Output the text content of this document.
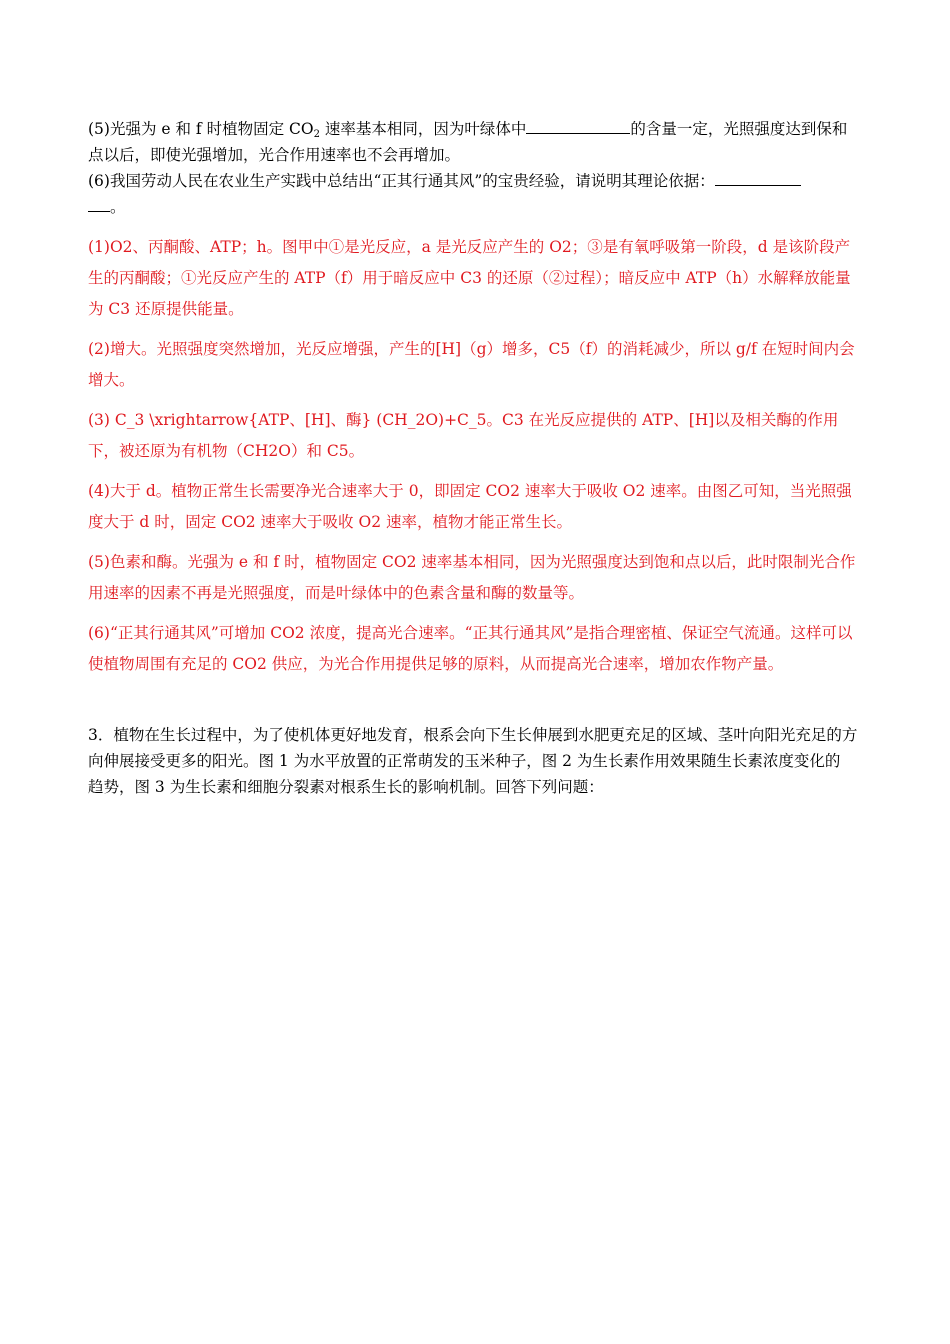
(5)光强为 e 和 f 时植物固定 $CO_2$ 速率基本相同，因为叶绿体中	的含量一定，光照强度达到保和点以后，即使光强增加，光合作用速率也不会再增加。

(6)我国劳动人民在农业生产实践中总结出“正其行通其风”的宝贵经验，请说明其理论依据：
。

(1)O2、丙酮酸、ATP；h。图甲中①是光反应，a 是光反应产生的 O2；③是有氧呼吸第一阶段，d 是该阶段产生的丙酮酸；①光反应产生的 ATP（f）用于暗反应中 C3 的还原（②过程）；暗反应中 ATP（h）水解释放能量为 C3 还原提供能量。

(2)增大。光照强度突然增加，光反应增强，产生的[H]（g）增多，C5（f）的消耗减少，所以 g/f 在短时间内会增大。

(3) C_3 \xrightarrow{ATP、[H]、酶} (CH_2O)+C_5。C3 在光反应提供的 ATP、[H]以及相关酶的作用下，被还原为有机物（CH2O）和 C5。

(4)大于 d。植物正常生长需要净光合速率大于 0，即固定 CO2 速率大于吸收 O2 速率。由图乙可知，当光照强度大于 d 时，固定 CO2 速率大于吸收 O2 速率，植物才能正常生长。

(5)色素和酶。光强为 e 和 f 时，植物固定 CO2 速率基本相同，因为光照强度达到饱和点以后，此时限制光合作用速率的因素不再是光照强度，而是叶绿体中的色素含量和酶的数量等。

(6)“正其行通其风”可增加 CO2 浓度，提高光合速率。“正其行通其风”是指合理密植、保证空气流通。这样可以使植物周围有充足的 CO2 供应，为光合作用提供足够的原料，从而提高光合速率，增加农作物产量。

3．植物在生长过程中，为了使机体更好地发育，根系会向下生长伸展到水肥更充足的区域、茎叶向阳光充足的方向伸展接受更多的阳光。图 1 为水平放置的正常萌发的玉米种子，图 2 为生长素作用效果随生长素浓度变化的

趋势，图 3 为生长素和细胞分裂素对根系生长的影响机制。回答下列问题：
